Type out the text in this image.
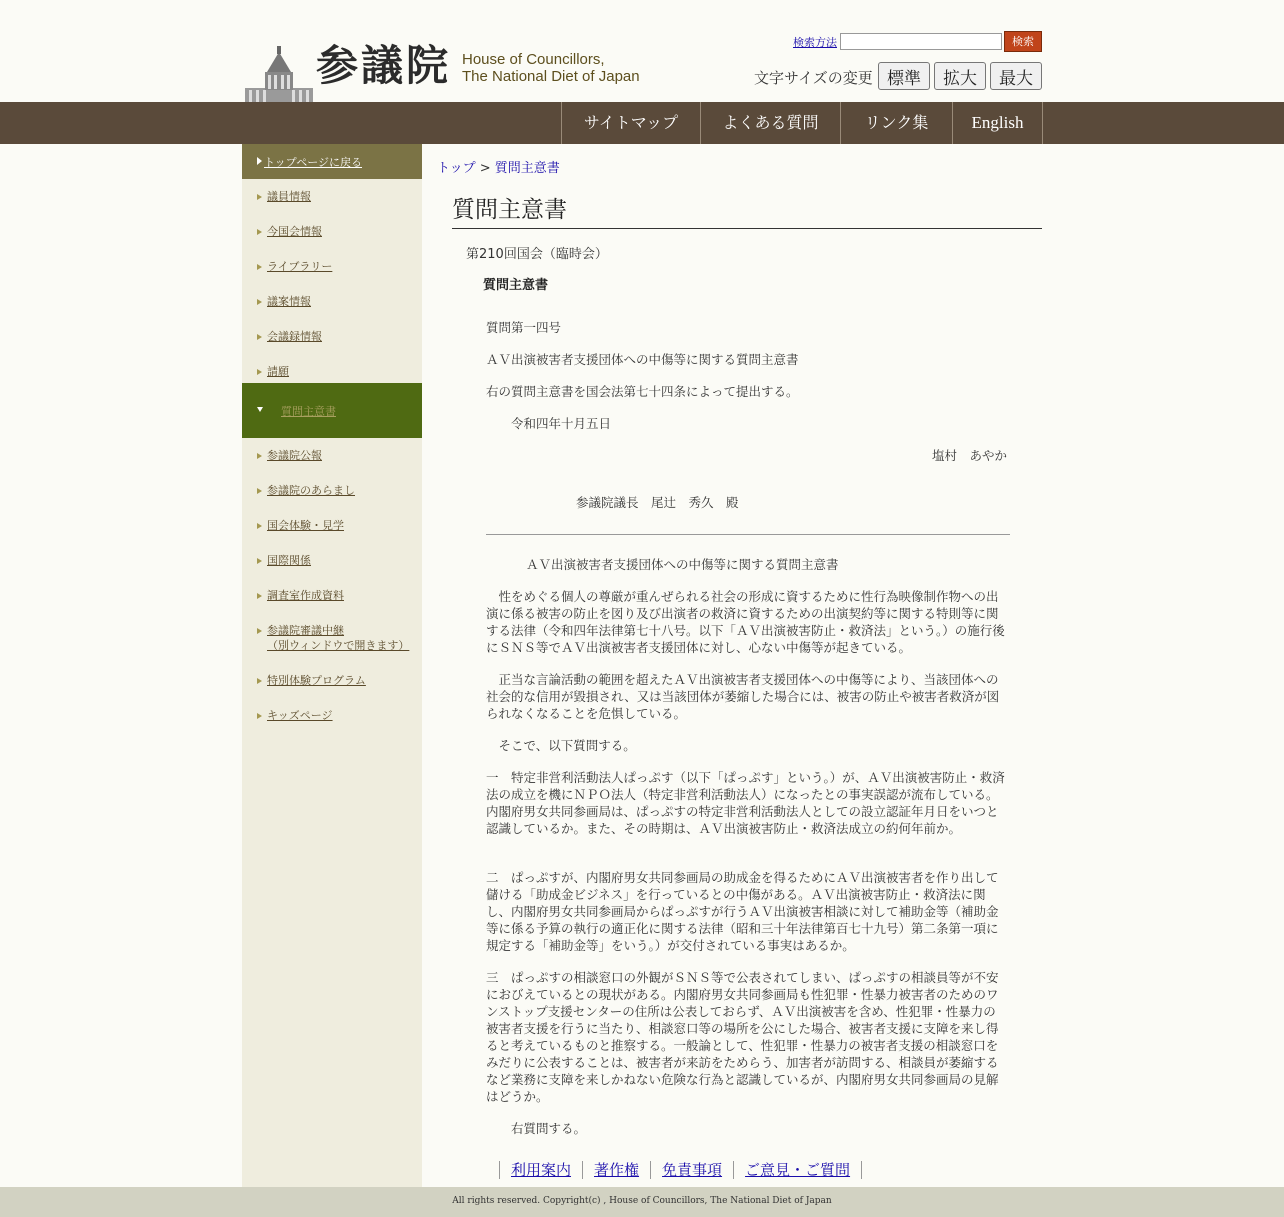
参議院 House of Councillors,
The National Diet of Japan
検索方法	検索
文字サイズの変更 標準	拡大	最大
サイトマップ	よくある質問	リンク集	English
トップページに戻る
議員情報
今国会情報
ライブラリー
議案情報
会議録情報
請願
質問主意書
参議院公報
参議院のあらまし
国会体験・見学
国際関係
調査室作成資料
参議院審議中継
（別ウィンドウで開きます）
特別体験プログラム
キッズページ
トップ > 質問主意書
質問主意書
第210回国会（臨時会）
質問主意書
質問第一四号
ＡＶ出演被害者支援団体への中傷等に関する質問主意書
右の質問主意書を国会法第七十四条によって提出する。
令和四年十月五日
塩村　あやか
参議院議長　尾辻　秀久　殿
ＡＶ出演被害者支援団体への中傷等に関する質問主意書

　性をめぐる個人の尊厳が重んぜられる社会の形成に資するために性行為映像制作物への出演に係る被害の防止を図り及び出演者の救済に資するための出演契約等に関する特則等に関する法律（令和四年法律第七十八号。以下「ＡＶ出演被害防止・救済法」という。）の施行後にＳＮＳ等でＡＶ出演被害者支援団体に対し、心ない中傷等が起きている。

　正当な言論活動の範囲を超えたＡＶ出演被害者支援団体への中傷等により、当該団体への社会的な信用が毀損され、又は当該団体が萎縮した場合には、被害の防止や被害者救済が図られなくなることを危惧している。

　そこで、以下質問する。

一　特定非営利活動法人ぱっぷす（以下「ぱっぷす」という。）が、ＡＶ出演被害防止・救済法の成立を機にＮＰＯ法人（特定非営利活動法人）になったとの事実誤認が流布している。内閣府男女共同参画局は、ぱっぷすの特定非営利活動法人としての設立認証年月日をいつと認識しているか。また、その時期は、ＡＶ出演被害防止・救済法成立の約何年前か。

二　ぱっぷすが、内閣府男女共同参画局の助成金を得るためにＡＶ出演被害者を作り出して儲ける「助成金ビジネス」を行っているとの中傷がある。ＡＶ出演被害防止・救済法に関し、内閣府男女共同参画局からぱっぷすが行うＡＶ出演被害相談に対して補助金等（補助金等に係る予算の執行の適正化に関する法律（昭和三十年法律第百七十九号）第二条第一項に規定する「補助金等」をいう。）が交付されている事実はあるか。

三　ぱっぷすの相談窓口の外観がＳＮＳ等で公表されてしまい、ぱっぷすの相談員等が不安におびえているとの現状がある。内閣府男女共同参画局も性犯罪・性暴力被害者のためのワンストップ支援センターの住所は公表しておらず、ＡＶ出演被害を含め、性犯罪・性暴力の被害者支援を行うに当たり、相談窓口等の場所を公にした場合、被害者支援に支障を来し得ると考えているものと推察する。一般論として、性犯罪・性暴力の被害者支援の相談窓口をみだりに公表することは、被害者が来訪をためらう、加害者が訪問する、相談員が萎縮するなど業務に支障を来しかねない危険な行為と認識しているが、内閣府男女共同参画局の見解はどうか。

右質問する。
利用案内 著作権 免責事項 ご意見・ご質問
All rights reserved. Copyright(c) , House of Councillors, The National Diet of Japan
